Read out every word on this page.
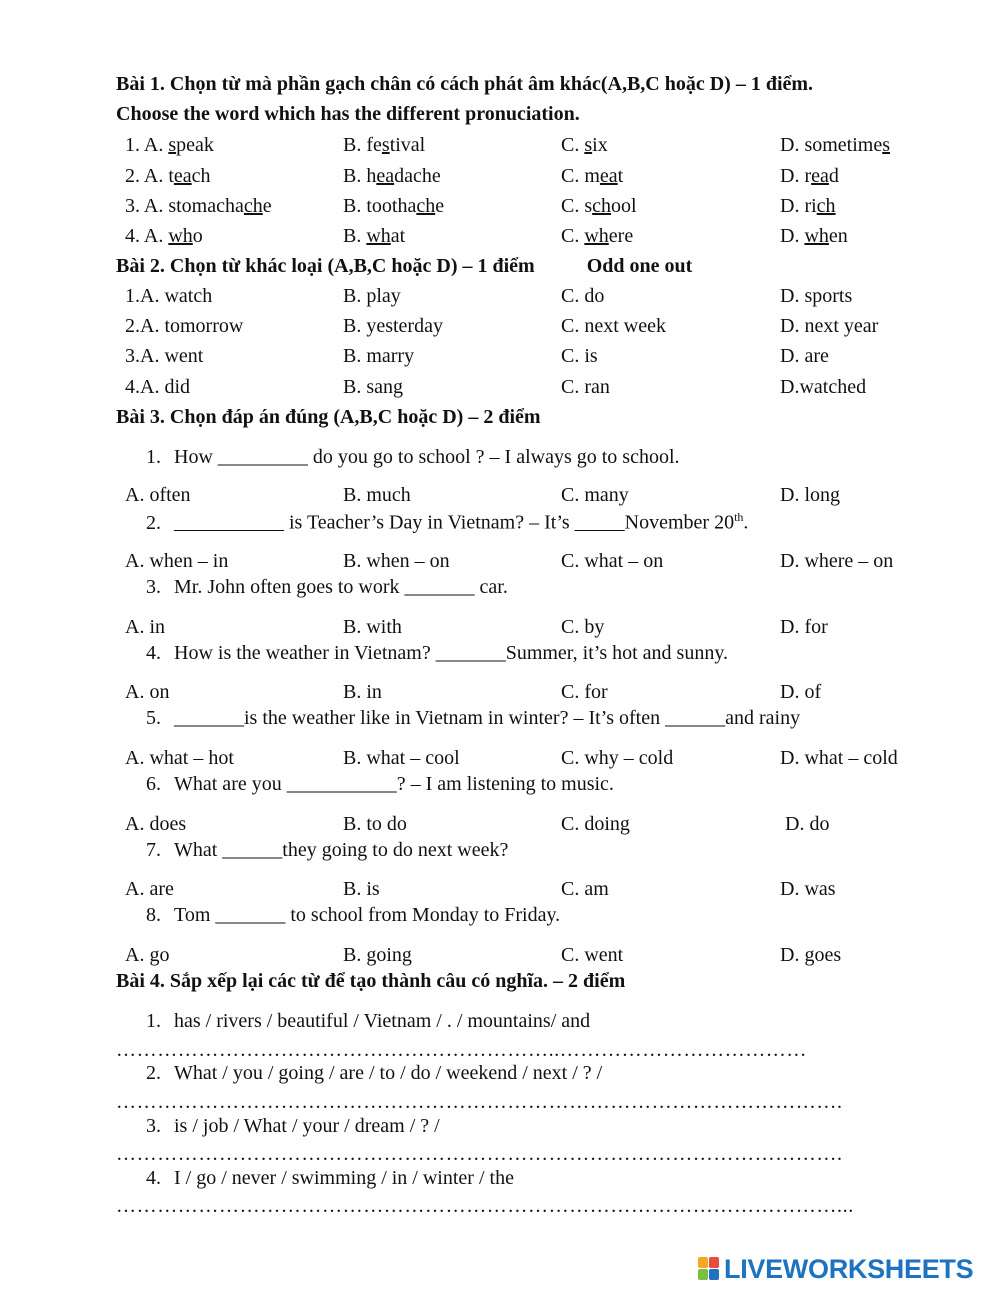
Bài 1. Chọn từ mà phần gạch chân có cách phát âm khác(A,B,C hoặc D) – 1 điểm.
Choose the word which has the different pronuciation.
1. A. speak	B. festival	C. six	D. sometimes
2. A. teach	B. headache	C. meat	D. read
3. A. stomachache	B. toothache	C. school	D. rich
4. A. who	B. what	C. where	D. when
Bài 2. Chọn từ khác loại (A,B,C hoặc D) – 1 điểm	Odd one out
1.A. watch	B. play	C. do	D. sports
2.A. tomorrow	B. yesterday	C. next week	D. next year
3.A. went	B. marry	C. is	D. are
4.A. did	B. sang	C. ran	D.watched
Bài 3. Chọn đáp án đúng (A,B,C hoặc D) – 2 điểm
1. How _________ do you go to school ? – I always go to school.
A. often	B. much	C. many	D. long
2. ___________ is Teacher’s Day in Vietnam? – It’s _____November 20th.
A. when – in	B. when – on	C. what – on	D. where – on
3. Mr. John often goes to work _______ car.
A. in	B. with	C. by	D. for
4. How is the weather in Vietnam? _______Summer, it’s hot and sunny.
A. on	B. in	C. for	D. of
5. _______is the weather like in Vietnam in winter? – It’s often ______and rainy
A. what – hot	B. what – cool	C. why – cold	D. what – cold
6. What are you ___________? – I am listening to music.
A. does	B. to do	C. doing	D. do
7. What ______they going to do next week?
A. are	B. is	C. am	D. was
8. Tom _______ to school from Monday to Friday.
A. go	B. going	C. went	D. goes
Bài 4. Sắp xếp lại các từ để tạo thành câu có nghĩa. – 2 điểm
1. has / rivers / beautiful / Vietnam / . / mountains/ and
………………………………………………………..………………………………
2. What / you / going / are / to / do / weekend / next / ? /
…………………………………………………………………………………………….
3. is / job / What / your / dream / ? /
…………………………………………………………………………………………….
4. I / go / never / swimming / in / winter / the
……………………………………………………………………………………………...
LIVEWORKSHEETS
